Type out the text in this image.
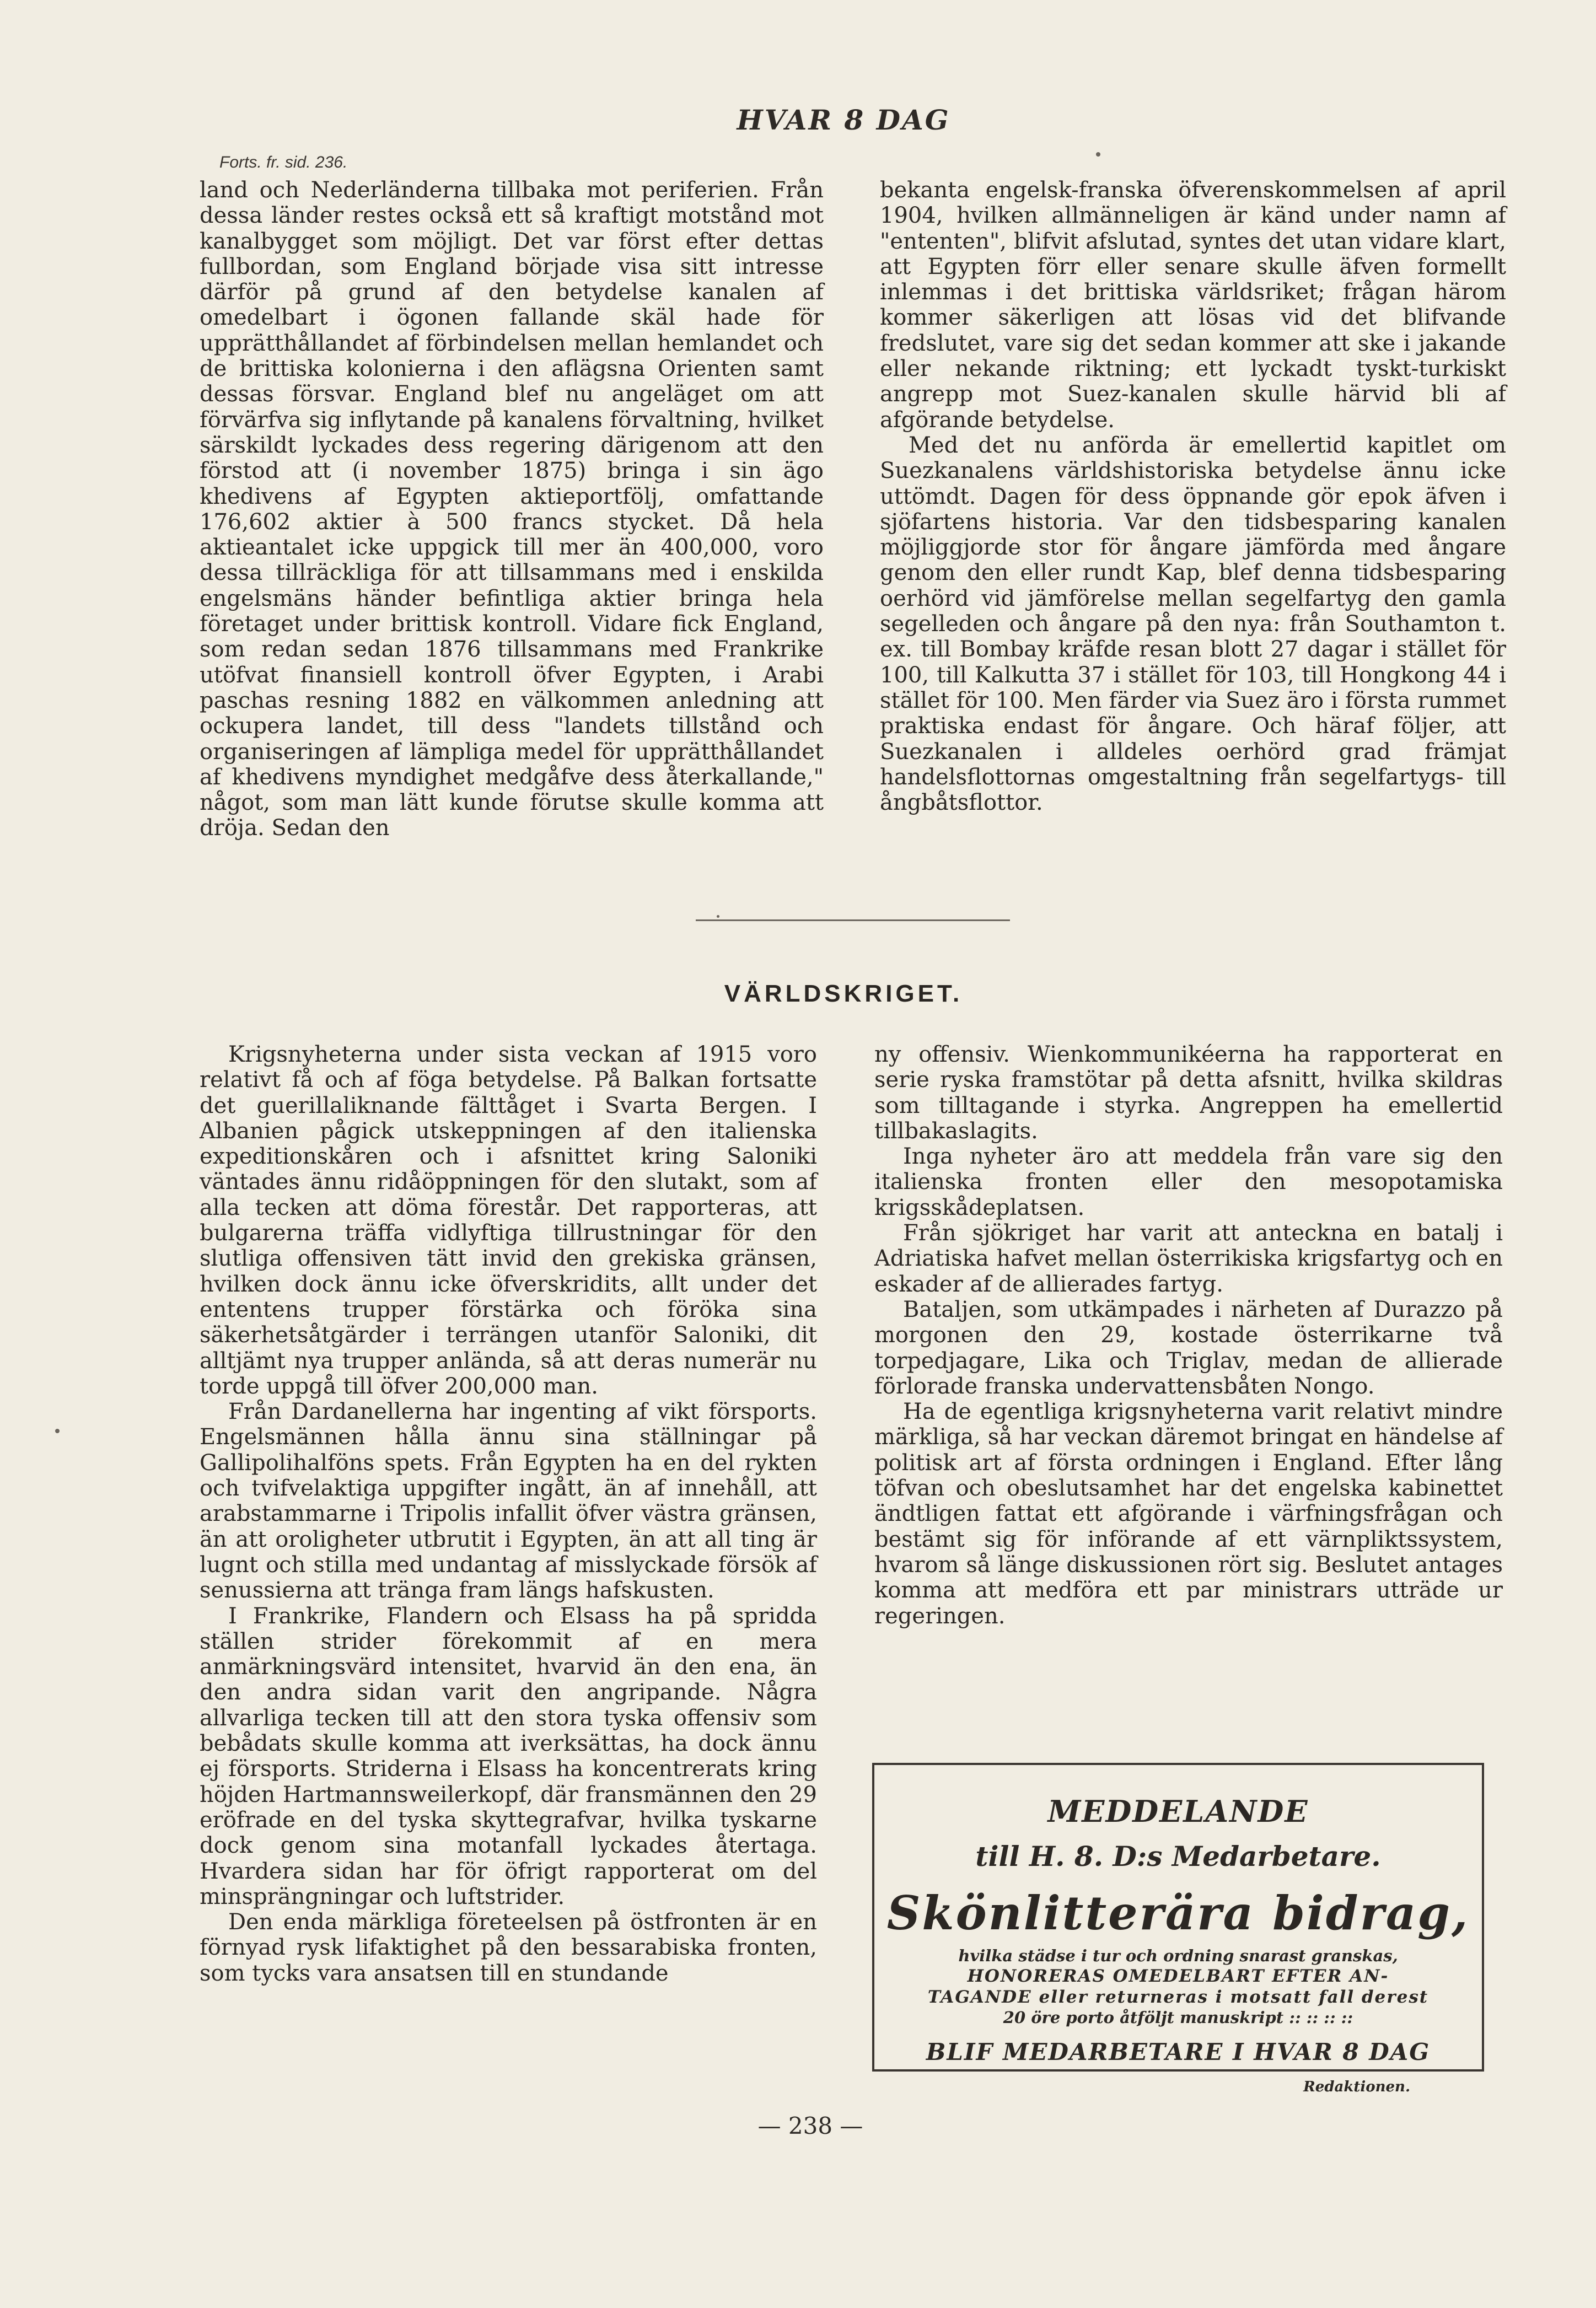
HVAR 8 DAG
Forts. fr. sid. 236.

land och Nederländerna tillbaka mot periferien. Från dessa länder restes också ett så kraftigt motstånd mot kanalbygget som möjligt. Det var först efter dettas fullbordan, som England började visa sitt intresse därför på grund af den betydelse kanalen af omedelbart i ögonen fallande skäl hade för upprätthållandet af förbindelsen mellan hemlandet och de brittiska kolonierna i den aflägsna Orienten samt dessas försvar. England blef nu angeläget om att förvärfva sig inflytande på kanalens förvaltning, hvilket särskildt lyckades dess regering därigenom att den förstod att (i november 1875) bringa i sin ägo khedivens af Egypten aktieportfölj, omfattande 176,602 aktier à 500 francs stycket. Då hela aktieantalet icke uppgick till mer än 400,000, voro dessa tillräckliga för att tillsammans med i enskilda engelsmäns händer befintliga aktier bringa hela företaget under brittisk kontroll. Vidare fick England, som redan sedan 1876 tillsammans med Frankrike utöfvat finansiell kontroll öfver Egypten, i Arabi paschas resning 1882 en välkommen anledning att ockupera landet, till dess "landets tillstånd och organiseringen af lämpliga medel för upprätthållandet af khedivens myndighet medgåfve dess återkallande," något, som man lätt kunde förutse skulle komma att dröja. Sedan den

bekanta engelsk-franska öfverenskommelsen af april 1904, hvilken allmänneligen är känd under namn af "ententen", blifvit afslutad, syntes det utan vidare klart, att Egypten förr eller senare skulle äfven formellt inlemmas i det brittiska världsriket; frågan härom kommer säkerligen att lösas vid det blifvande fredslutet, vare sig det sedan kommer att ske i jakande eller nekande riktning; ett lyckadt tyskt-turkiskt angrepp mot Suez-kanalen skulle härvid bli af afgörande betydelse.

Med det nu anförda är emellertid kapitlet om Suezkanalens världshistoriska betydelse ännu icke uttömdt. Dagen för dess öppnande gör epok äfven i sjöfartens historia. Var den tidsbesparing kanalen möjliggjorde stor för ångare jämförda med ångare genom den eller rundt Kap, blef denna tidsbesparing oerhörd vid jämförelse mellan segelfartyg den gamla segelleden och ångare på den nya: från Southamton t. ex. till Bombay kräfde resan blott 27 dagar i stället för 100, till Kalkutta 37 i stället för 103, till Hongkong 44 i stället för 100. Men färder via Suez äro i första rummet praktiska endast för ångare. Och häraf följer, att Suezkanalen i alldeles oerhörd grad främjat handelsflottornas omgestaltning från segelfartygs- till ångbåtsflottor.

VÄRLDSKRIGET.

Krigsnyheterna under sista veckan af 1915 voro relativt få och af föga betydelse. På Balkan fortsatte det guerillaliknande fälttåget i Svarta Bergen. I Albanien pågick utskeppningen af den italienska expeditionskåren och i afsnittet kring Saloniki väntades ännu ridåöppningen för den slutakt, som af alla tecken att döma förestår. Det rapporteras, att bulgarerna träffa vidlyftiga tillrustningar för den slutliga offensiven tätt invid den grekiska gränsen, hvilken dock ännu icke öfverskridits, allt under det ententens trupper förstärka och föröka sina säkerhetsåtgärder i terrängen utanför Saloniki, dit alltjämt nya trupper anlända, så att deras numerär nu torde uppgå till öfver 200,000 man.

Från Dardanellerna har ingenting af vikt försports. Engelsmännen hålla ännu sina ställningar på Gallipolihalföns spets. Från Egypten ha en del rykten och tvifvelaktiga uppgifter ingått, än af innehåll, att arabstammarne i Tripolis infallit öfver västra gränsen, än att oroligheter utbrutit i Egypten, än att all ting är lugnt och stilla med undantag af misslyckade försök af senussierna att tränga fram längs hafskusten.

I Frankrike, Flandern och Elsass ha på spridda ställen strider förekommit af en mera anmärkningsvärd intensitet, hvarvid än den ena, än den andra sidan varit den angripande. Några allvarliga tecken till att den stora tyska offensiv som bebådats skulle komma att iverksättas, ha dock ännu ej försports. Striderna i Elsass ha koncentrerats kring höjden Hartmannsweilerkopf, där fransmännen den 29 eröfrade en del tyska skyttegrafvar, hvilka tyskarne dock genom sina motanfall lyckades återtaga. Hvardera sidan har för öfrigt rapporterat om del minsprängningar och luftstrider.

Den enda märkliga företeelsen på östfronten är en förnyad rysk lifaktighet på den bessarabiska fronten, som tycks vara ansatsen till en stundande

ny offensiv. Wienkommunikéerna ha rapporterat en serie ryska framstötar på detta afsnitt, hvilka skildras som tilltagande i styrka. Angreppen ha emellertid tillbakaslagits.

Inga nyheter äro att meddela från vare sig den italienska fronten eller den mesopotamiska krigsskådeplatsen.

Från sjökriget har varit att anteckna en batalj i Adriatiska hafvet mellan österrikiska krigsfartyg och en eskader af de allierades fartyg.

Bataljen, som utkämpades i närheten af Durazzo på morgonen den 29, kostade österrikarne två torpedjagare, Lika och Triglav, medan de allierade förlorade franska undervattensbåten Nongo.

Ha de egentliga krigsnyheterna varit relativt mindre märkliga, så har veckan däremot bringat en händelse af politisk art af första ordningen i England. Efter lång töfvan och obeslutsamhet har det engelska kabinettet ändtligen fattat ett afgörande i värfningsfrågan och bestämt sig för införande af ett värnpliktssystem, hvarom så länge diskussionen rört sig. Beslutet antages komma att medföra ett par ministrars utträde ur regeringen.

MEDDELANDE
till H. 8. D:s Medarbetare.
Skönlitterära bidrag,
hvilka städse i tur och ordning snarast granskas,
HONORERAS OMEDELBART EFTER AN-
TAGANDE eller returneras i motsatt fall derest
20 öre porto åtföljt manuskript :: :: :: ::
BLIF MEDARBETARE I HVAR 8 DAG
Redaktionen.
— 238 —
